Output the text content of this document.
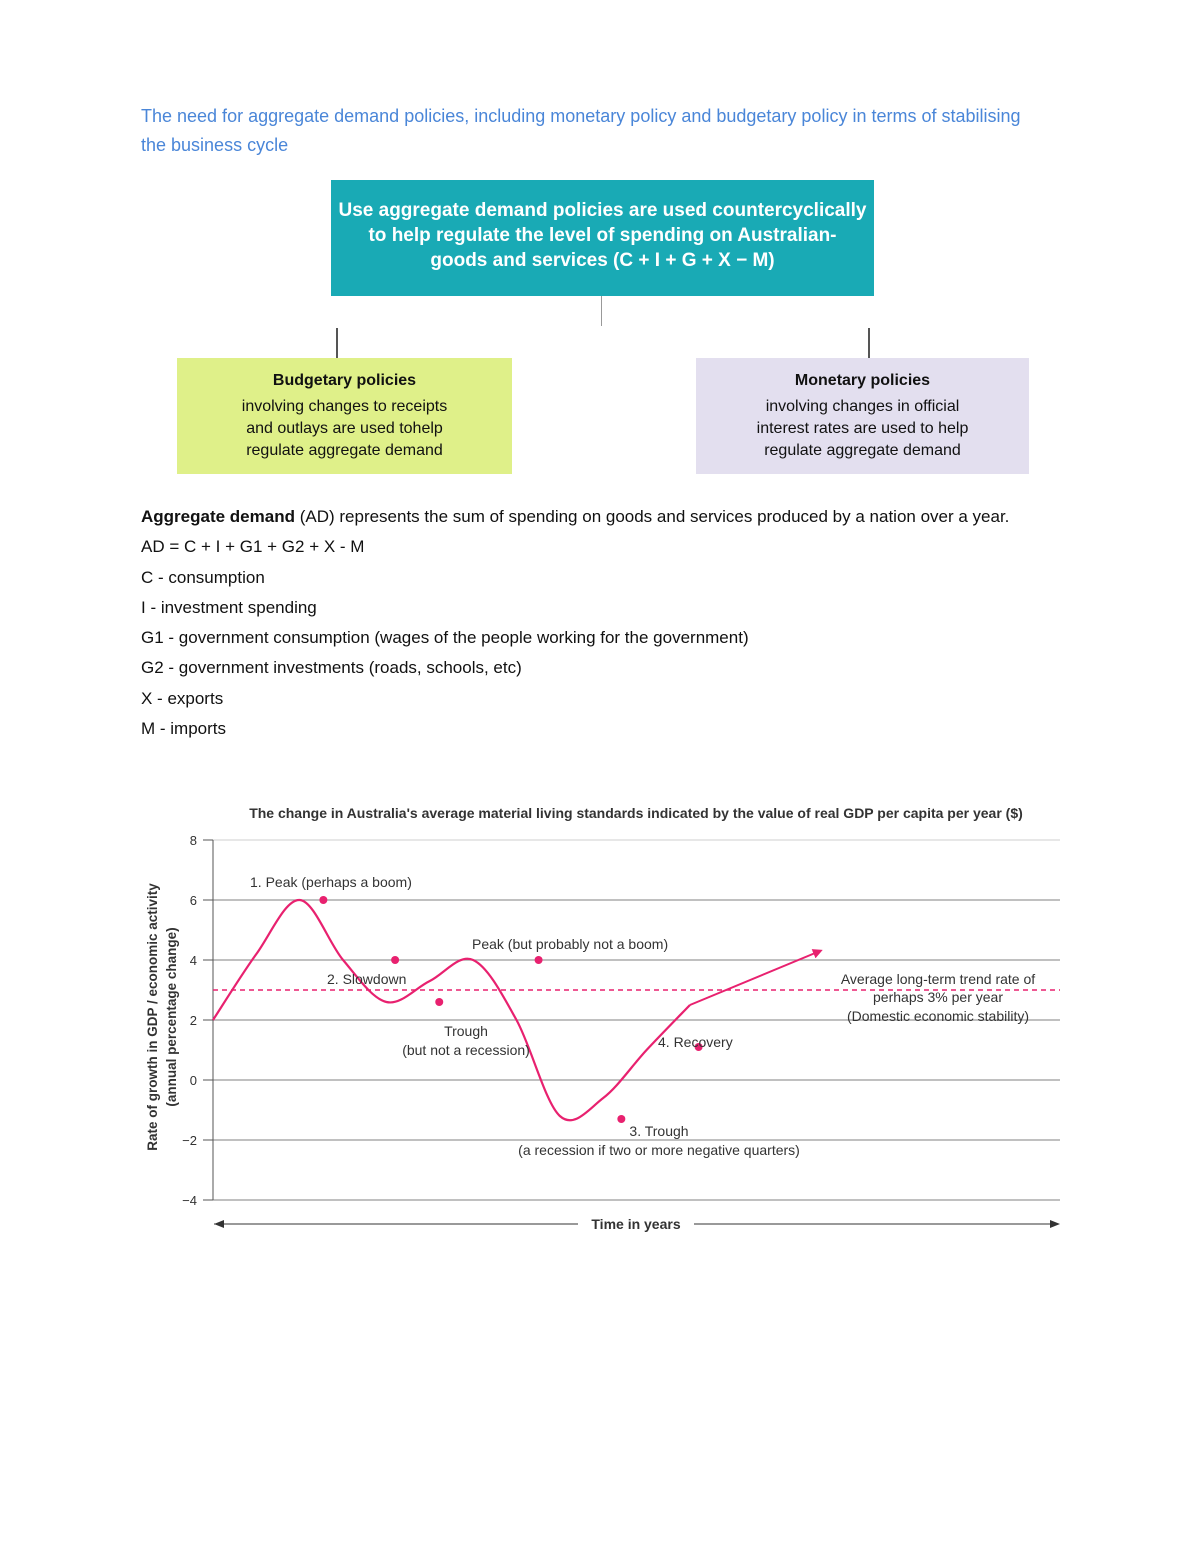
The need for aggregate demand policies, including monetary policy and budgetary policy in terms of stabilising the business cycle
Use aggregate demand policies are used countercyclically
to help regulate the level of spending on Australian-
goods and services (C + I + G + X − M)
Budgetary policies
involving changes to receipts
and outlays are used tohelp
regulate aggregate demand
Monetary policies
involving changes in official
interest rates are used to help
regulate aggregate demand

Aggregate demand (AD) represents the sum of spending on goods and services produced by a nation over a year.

AD = C + I + G1 + G2 + X - M

C - consumption

I - investment spending

G1 - government consumption (wages of the people working for the government)

G2 - government investments (roads, schools, etc)

X - exports

M - imports

The change in Australia's average material living standards indicated by the value of real GDP per capita per year ($)
8
6
4
2
0
−2
−4
Rate of growth in GDP / economic activity (annual percentage change)
1. Peak (perhaps a boom)
2. Slowdown
Peak (but probably not a boom)
Trough
(but not a recession)	4. Recovery
3. Trough
(a recession if two or more negative quarters)
Average long-term trend rate of
perhaps 3% per year
(Domestic economic stability)
Time in years
